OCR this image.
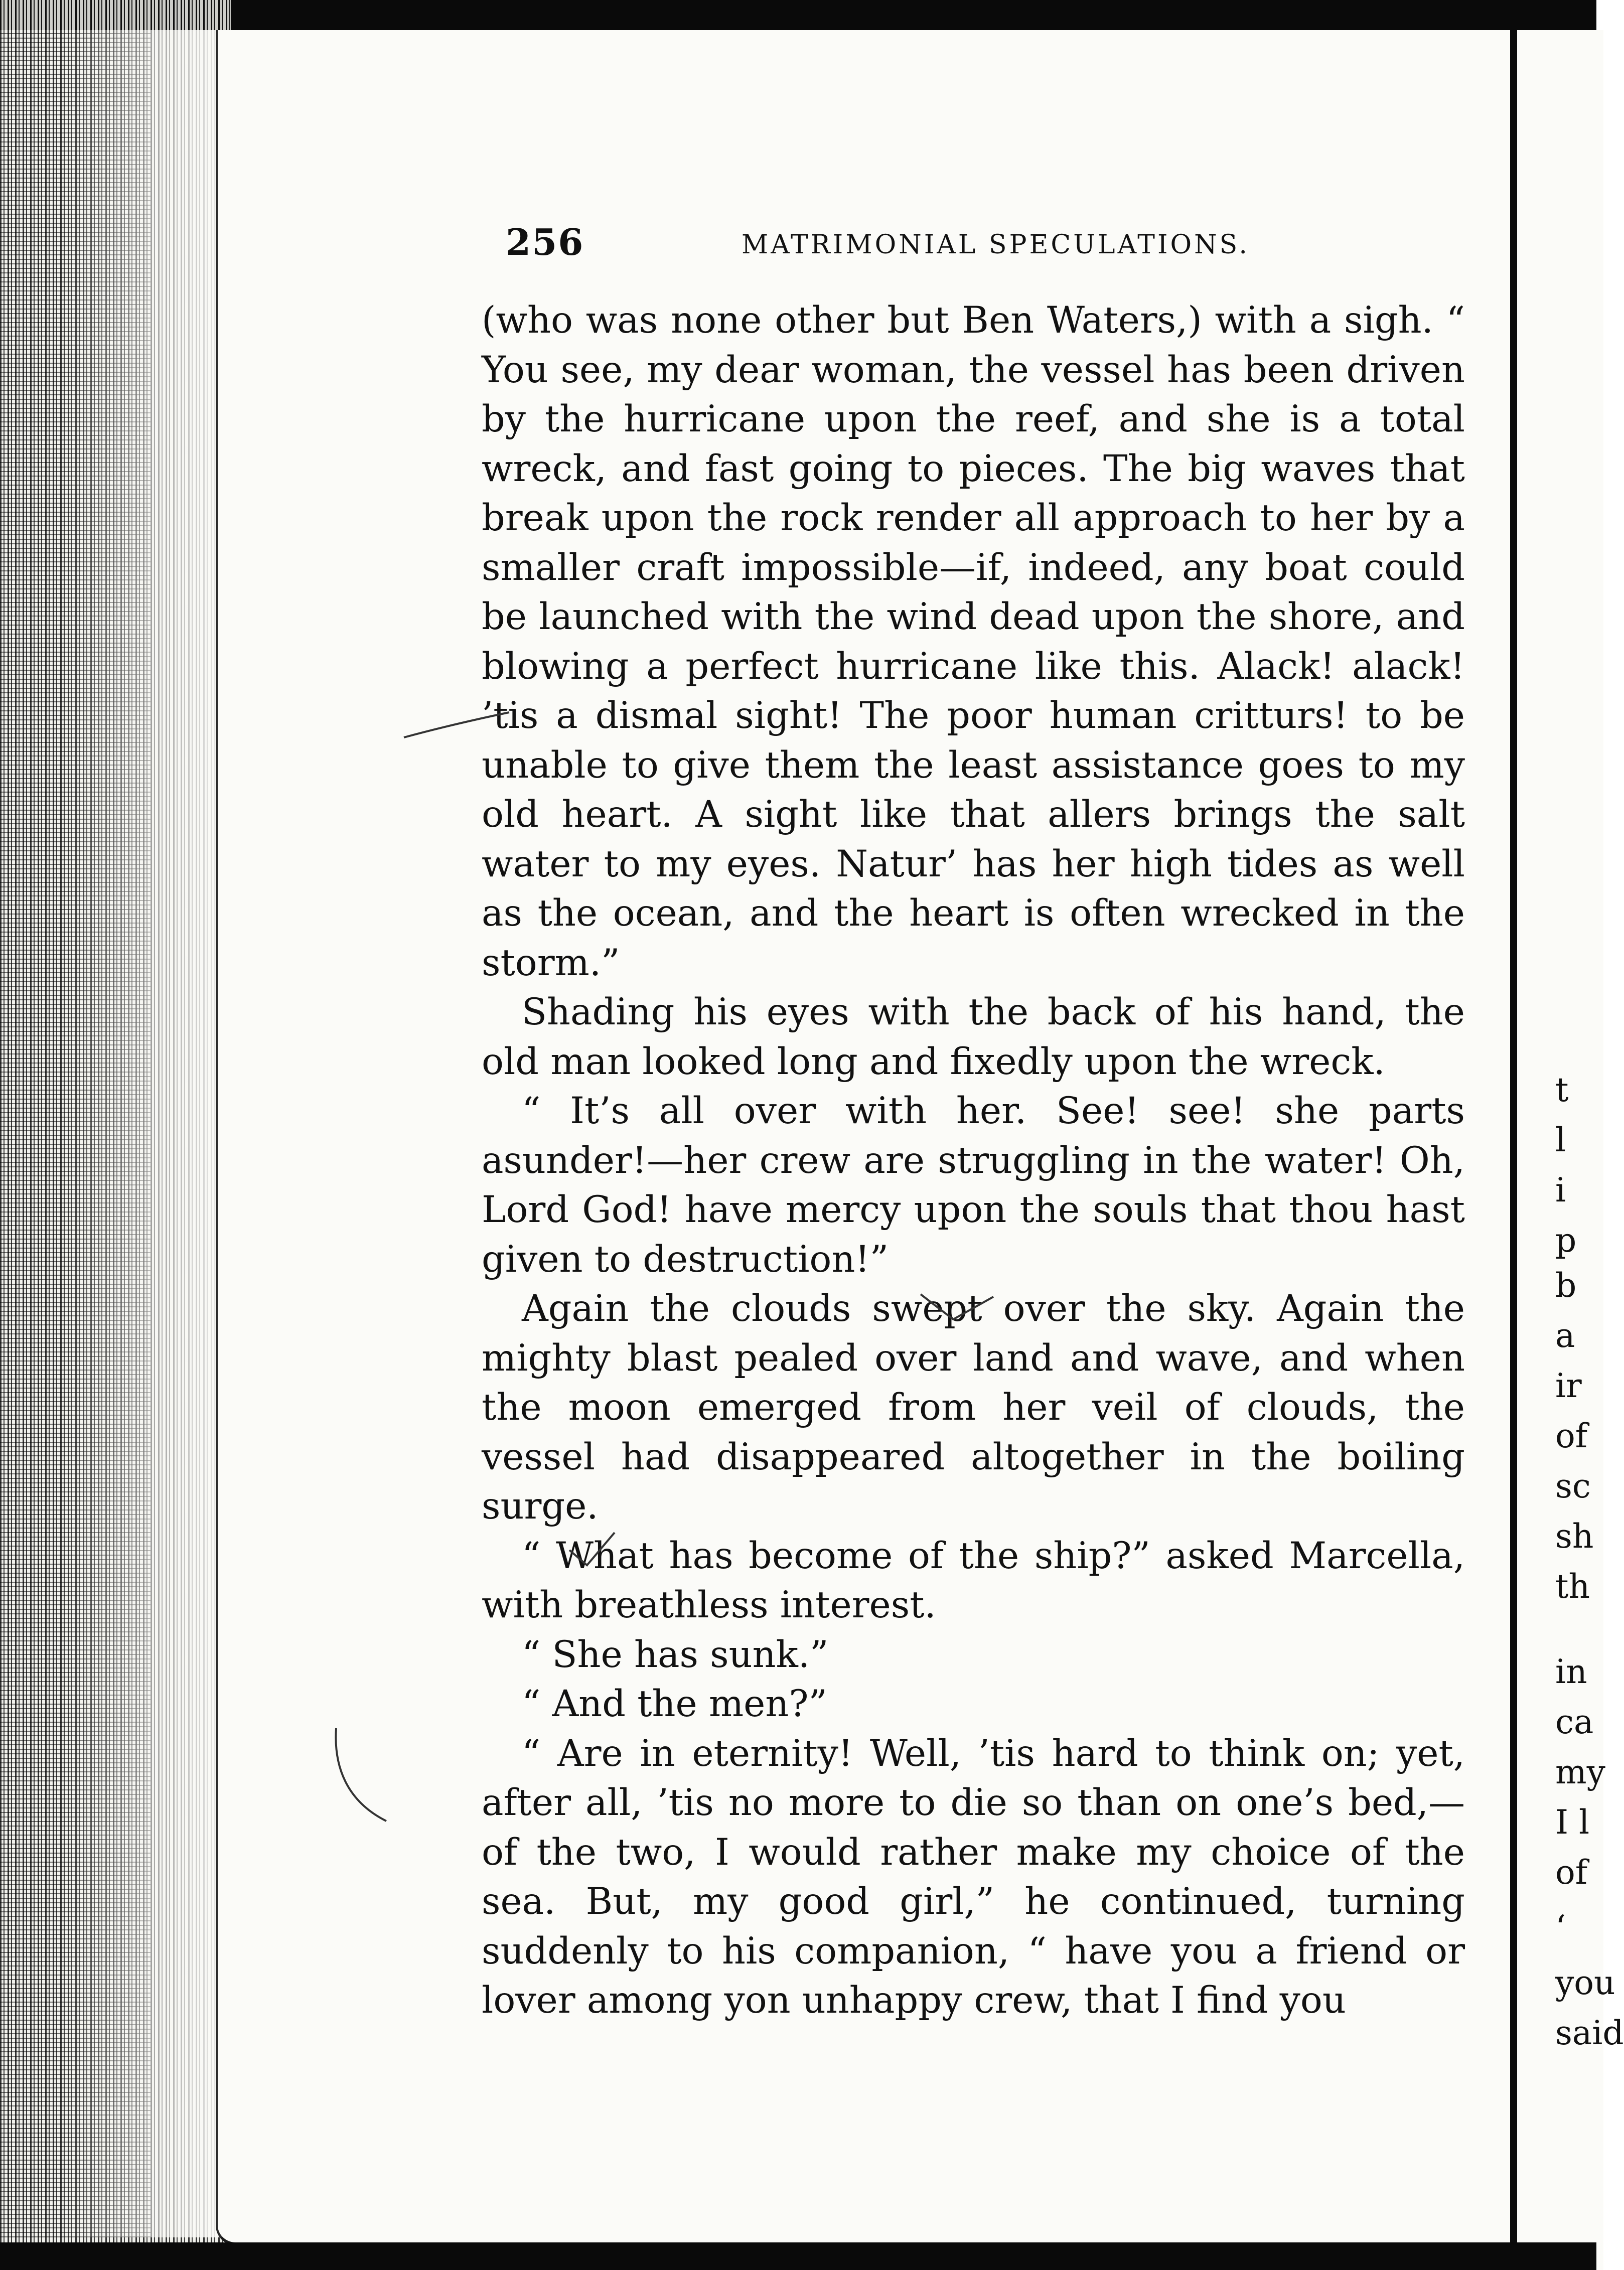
t
l
i
p
b
a
ir
of
sc
sh
th
in
ca
my
I l
of
‘
you
said
256	MATRIMONIAL SPECULATIONS.

(who was none other but Ben Waters,) with a sigh. “ You see, my dear woman, the vessel has been driven by the hurricane upon the reef, and she is a total wreck, and fast going to pieces. The big waves that break upon the rock render all approach to her by a smaller craft impossible—if, indeed, any boat could be launched with the wind dead upon the shore, and blowing a perfect hurricane like this. Alack! alack! ’tis a dismal sight! The poor human critturs! to be unable to give them the least assistance goes to my old heart. A sight like that allers brings the salt water to my eyes. Natur’ has her high tides as well as the ocean, and the heart is often wrecked in the storm.”

Shading his eyes with the back of his hand, the old man looked long and fixedly upon the wreck.

“ It’s all over with her. See! see! she parts asunder!—her crew are struggling in the water! Oh, Lord God! have mercy upon the souls that thou hast given to destruction!”

Again the clouds swept over the sky. Again the mighty blast pealed over land and wave, and when the moon emerged from her veil of clouds, the vessel had disappeared altogether in the boiling surge.

“ What has become of the ship?” asked Marcella, with breathless interest.

“ She has sunk.”

“ And the men?”

“ Are in eternity! Well, ’tis hard to think on; yet, after all, ’tis no more to die so than on one’s bed,—of the two, I would rather make my choice of the sea. But, my good girl,” he continued, turning suddenly to his companion, “ have you a friend or lover among yon unhappy crew, that I find you
